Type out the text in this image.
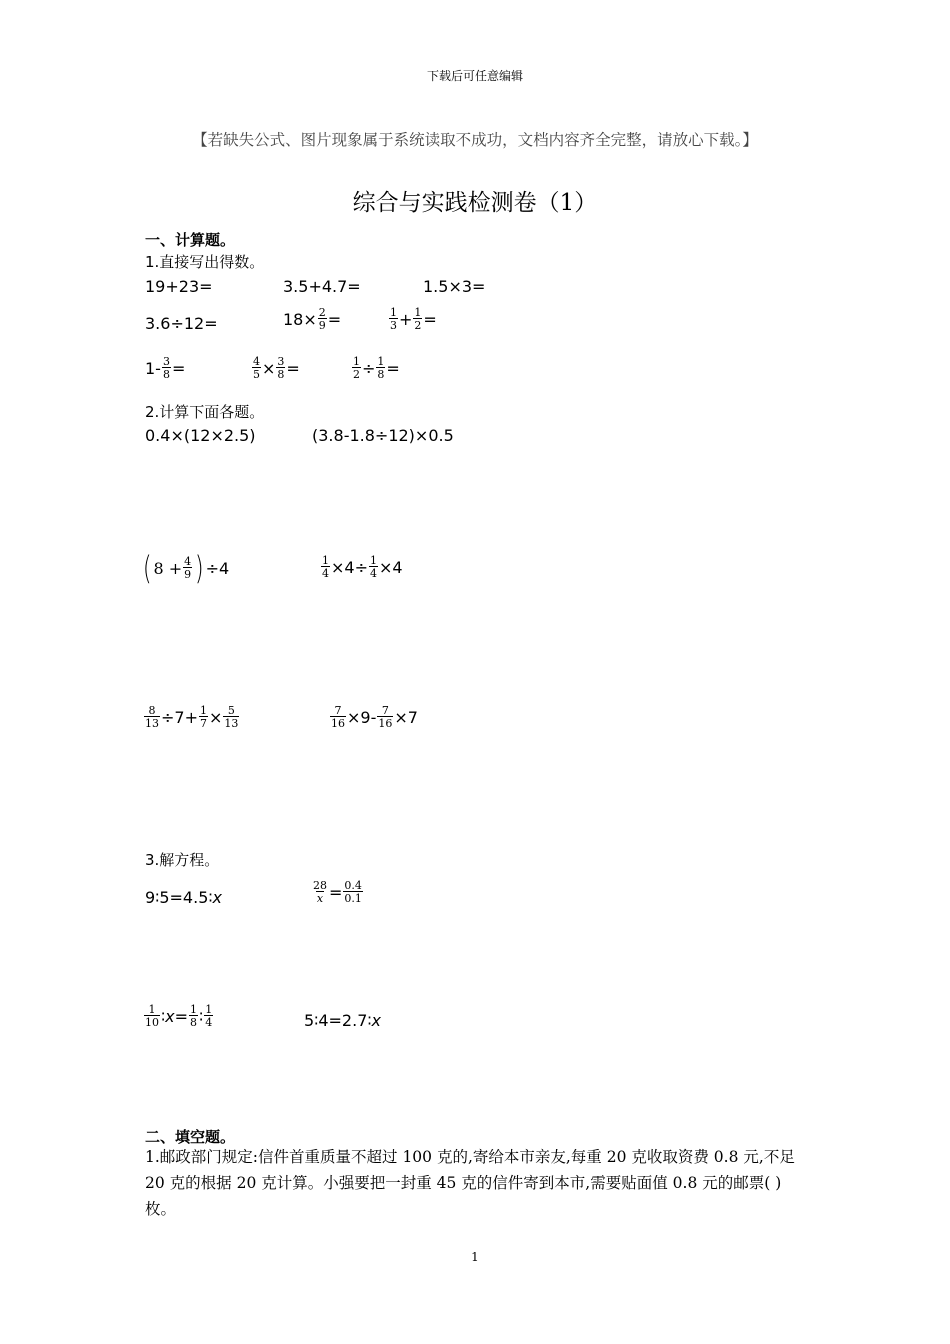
下载后可任意编辑
【若缺失公式、图片现象属于系统读取不成功，文档内容齐全完整，请放心下载。】
综合与实践检测卷（1）
一、计算题。
1.直接写出得数。
19+23=	3.5+4.7=	1.5×3=
3.6÷12=	$18\times \frac{2}{9}$ =	$\frac{1}{3} + \frac{1}{2}$ =
$1- \frac{3}{8}$ =	$\frac{4}{5} \times \frac{3}{8}$ =	$\frac{1}{2} \div \frac{1}{8}$ =
2.计算下面各题。
0.4×(12×2.5)	(3.8-1.8÷12)×0.5
( $8 + \frac{4}{9}$ ) ÷4	$\frac{1}{4} \times 4\div \frac{1}{4} \times 4$
$\frac{8}{13} \div 7+ \frac{1}{7} \times \frac{5}{13}$	$\frac{7}{16} \times 9- \frac{7}{16} \times 7$
3.解方程。
9∶5=4.5∶ x	$\frac{28}{x} = \frac{0.4}{0.1}$
$\frac{1}{10}$ ∶ $x = \frac{1}{8}$ ∶ $\frac{1}{4}$	5∶4=2.7∶ x
二、填空题。
1.邮政部门规定:信件首重质量不超过 100 克的,寄给本市亲友,每重 20 克收取资费 0.8 元,不足 20 克的根据 20 克计算。小强要把一封重 45 克的信件寄到本市,需要贴面值 0.8 元的邮票( )枚。
1
